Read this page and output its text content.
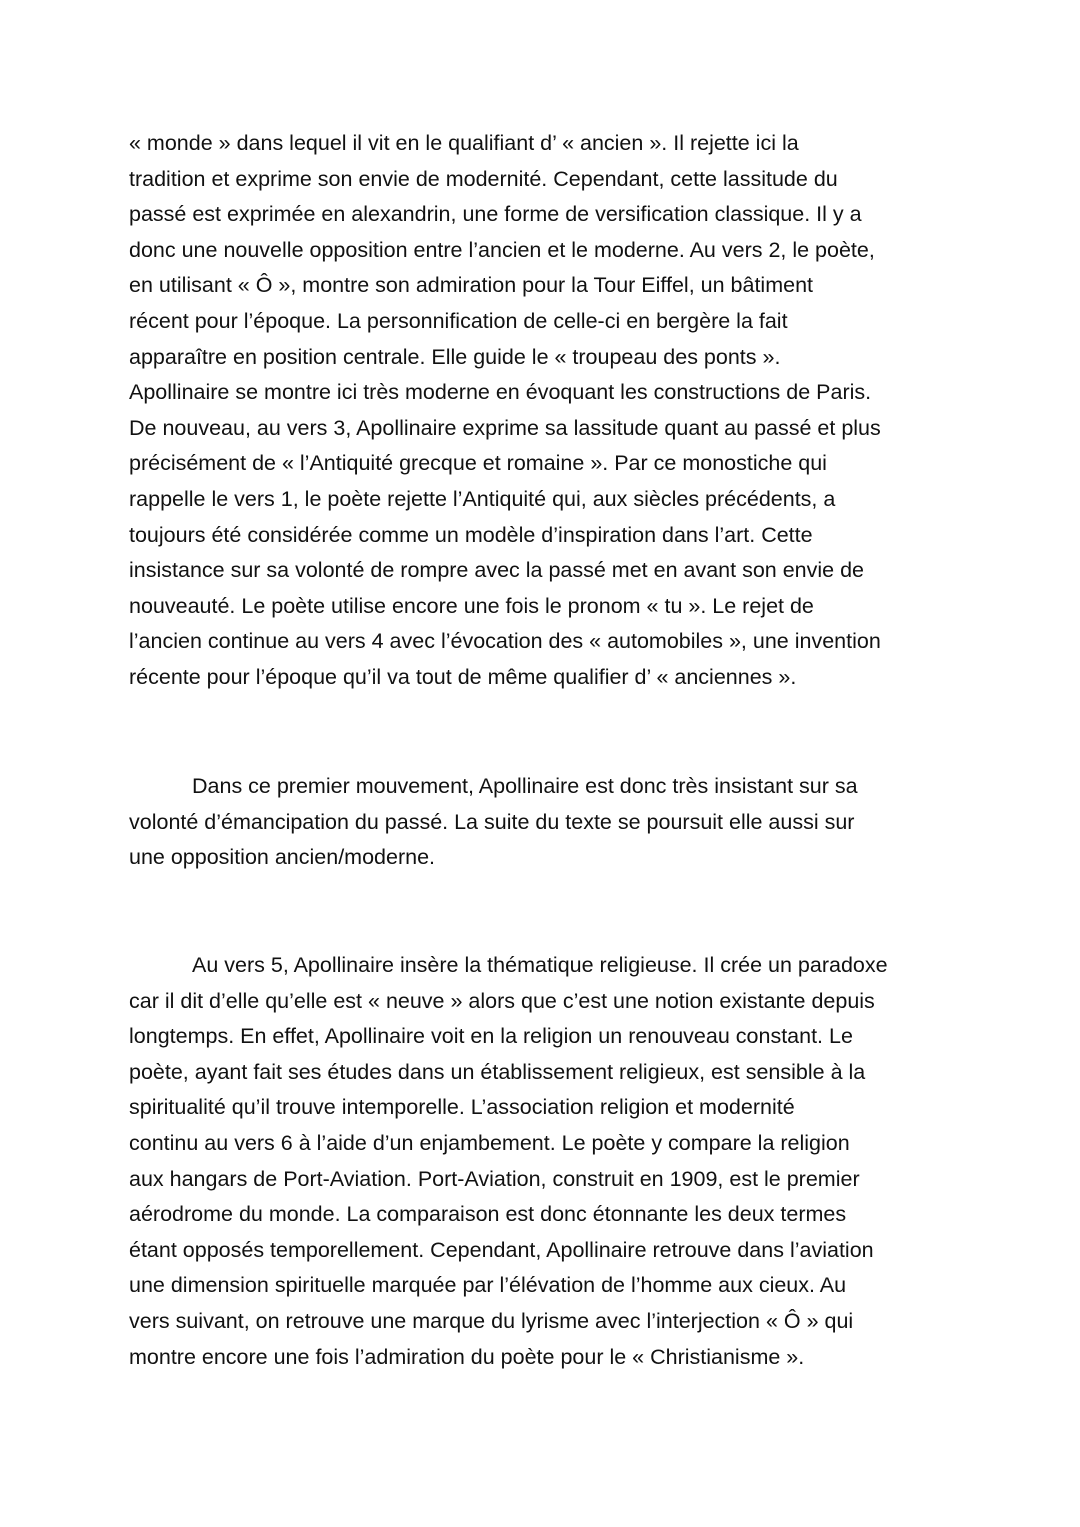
« monde » dans lequel il vit en le qualifiant d’ « ancien ». Il rejette ici la
tradition et exprime son envie de modernité. Cependant, cette lassitude du
passé est exprimée en alexandrin, une forme de versification classique. Il y a
donc une nouvelle opposition entre l’ancien et le moderne. Au vers 2, le poète,
en utilisant « Ô », montre son admiration pour la Tour Eiffel, un bâtiment
récent pour l’époque. La personnification de celle-ci en bergère la fait
apparaître en position centrale. Elle guide le « troupeau des ponts ».
Apollinaire se montre ici très moderne en évoquant les constructions de Paris.
De nouveau, au vers 3, Apollinaire exprime sa lassitude quant au passé et plus
précisément de « l’Antiquité grecque et romaine ». Par ce monostiche qui
rappelle le vers 1, le poète rejette l’Antiquité qui, aux siècles précédents, a
toujours été considérée comme un modèle d’inspiration dans l’art. Cette
insistance sur sa volonté de rompre avec la passé met en avant son envie de
nouveauté. Le poète utilise encore une fois le pronom « tu ». Le rejet de
l’ancien continue au vers 4 avec l’évocation des « automobiles », une invention
récente pour l’époque qu’il va tout de même qualifier d’ « anciennes ».
Dans ce premier mouvement, Apollinaire est donc très insistant sur sa
volonté d’émancipation du passé. La suite du texte se poursuit elle aussi sur
une opposition ancien/moderne.
Au vers 5, Apollinaire insère la thématique religieuse. Il crée un paradoxe
car il dit d’elle qu’elle est « neuve » alors que c’est une notion existante depuis
longtemps. En effet, Apollinaire voit en la religion un renouveau constant. Le
poète, ayant fait ses études dans un établissement religieux, est sensible à la
spiritualité qu’il trouve intemporelle. L’association religion et modernité
continu au vers 6 à l’aide d’un enjambement. Le poète y compare la religion
aux hangars de Port-Aviation. Port-Aviation, construit en 1909, est le premier
aérodrome du monde. La comparaison est donc étonnante les deux termes
étant opposés temporellement. Cependant, Apollinaire retrouve dans l’aviation
une dimension spirituelle marquée par l’élévation de l’homme aux cieux. Au
vers suivant, on retrouve une marque du lyrisme avec l’interjection « Ô » qui
montre encore une fois l’admiration du poète pour le « Christianisme ».
